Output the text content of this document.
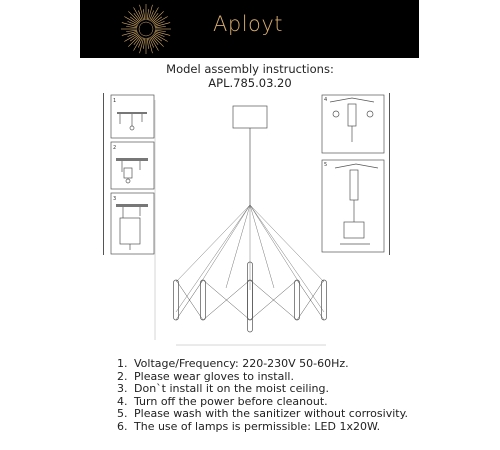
Aployt
Model assembly instructions:
APL.785.03.20
1
2
3
4
5
1. Voltage/Frequency: 220-230V 50-60Hz.
2. Please wear gloves to install.
3. Don`t install it on the moist ceiling.
4. Turn off the power before cleanout.
5. Please wash with the sanitizer without corrosivity.
6. The use of lamps is permissible: LED 1x20W.
